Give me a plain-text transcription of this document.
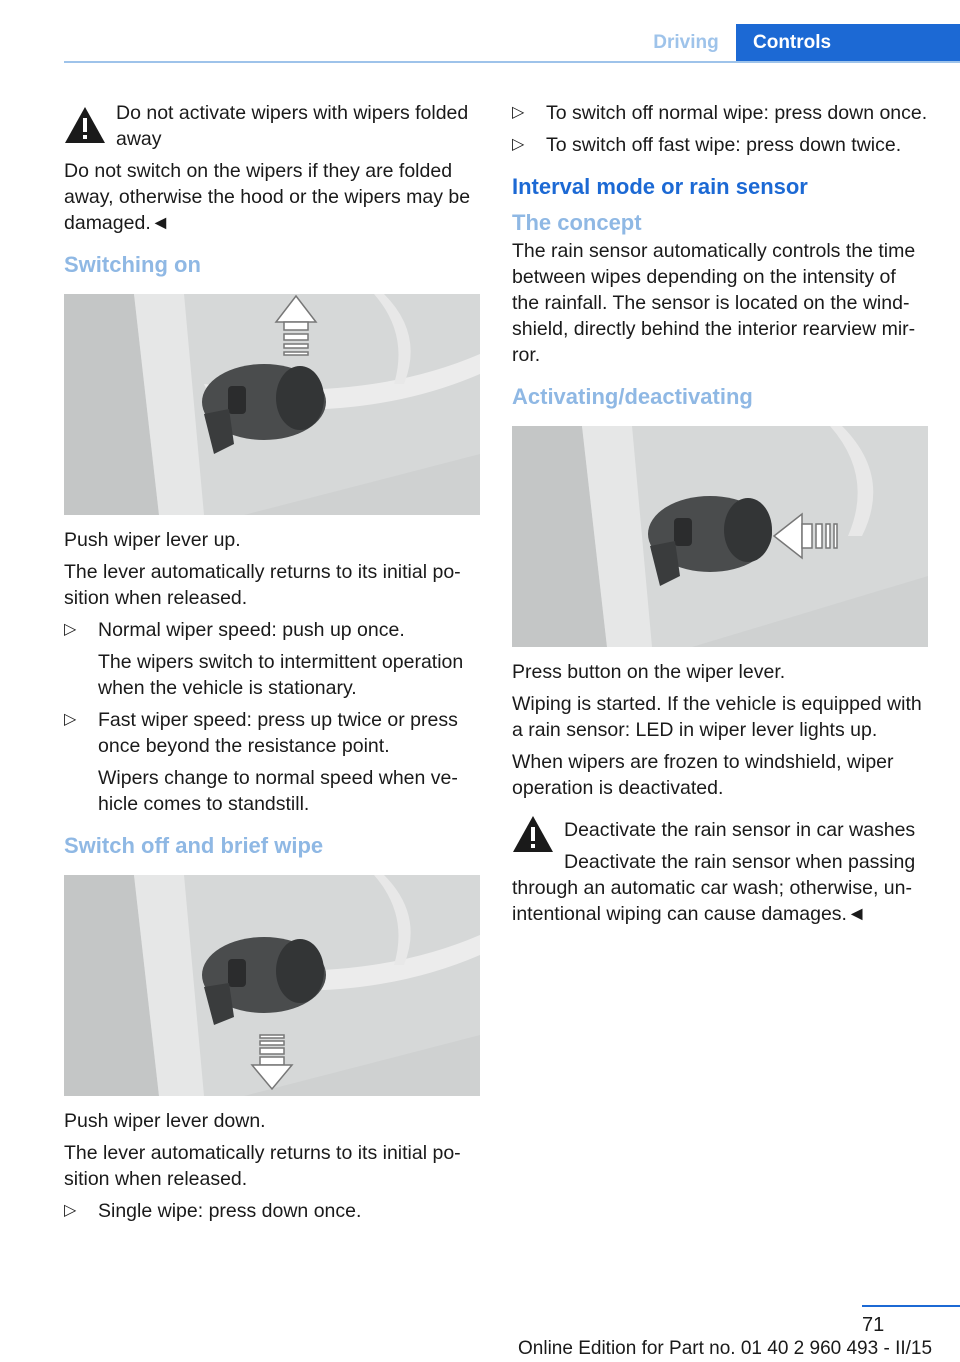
Driving	Controls

Do not activate wipers with wipers folded away

Do not switch on the wipers if they are folded away, otherwise the hood or the wipers may be damaged.◄

Switching on

Push wiper lever up.

The lever automatically returns to its initial po‐sition when released.

▷ Normal wiper speed: push up once.
The wipers switch to intermittent operation when the vehicle is stationary.
▷ Fast wiper speed: press up twice or press once beyond the resistance point.
Wipers change to normal speed when ve‐hicle comes to standstill.
Switch off and brief wipe

Push wiper lever down.

The lever automatically returns to its initial po‐sition when released.

▷ Single wipe: press down once.
▷ To switch off normal wipe: press down once.
▷ To switch off fast wipe: press down twice.
Interval mode or rain sensor
The concept

The rain sensor automatically controls the time between wipes depending on the intensity of the rainfall. The sensor is located on the wind‐shield, directly behind the interior rearview mir‐ror.

Activating/deactivating

Press button on the wiper lever.

Wiping is started. If the vehicle is equipped with a rain sensor: LED in wiper lever lights up.

When wipers are frozen to windshield, wiper operation is deactivated.

Deactivate the rain sensor in car washes

Deactivate the rain sensor when passing through an automatic car wash; otherwise, un‐intentional wiping can cause damages.◄

71
Online Edition for Part no. 01 40 2 960 493 - II/15
